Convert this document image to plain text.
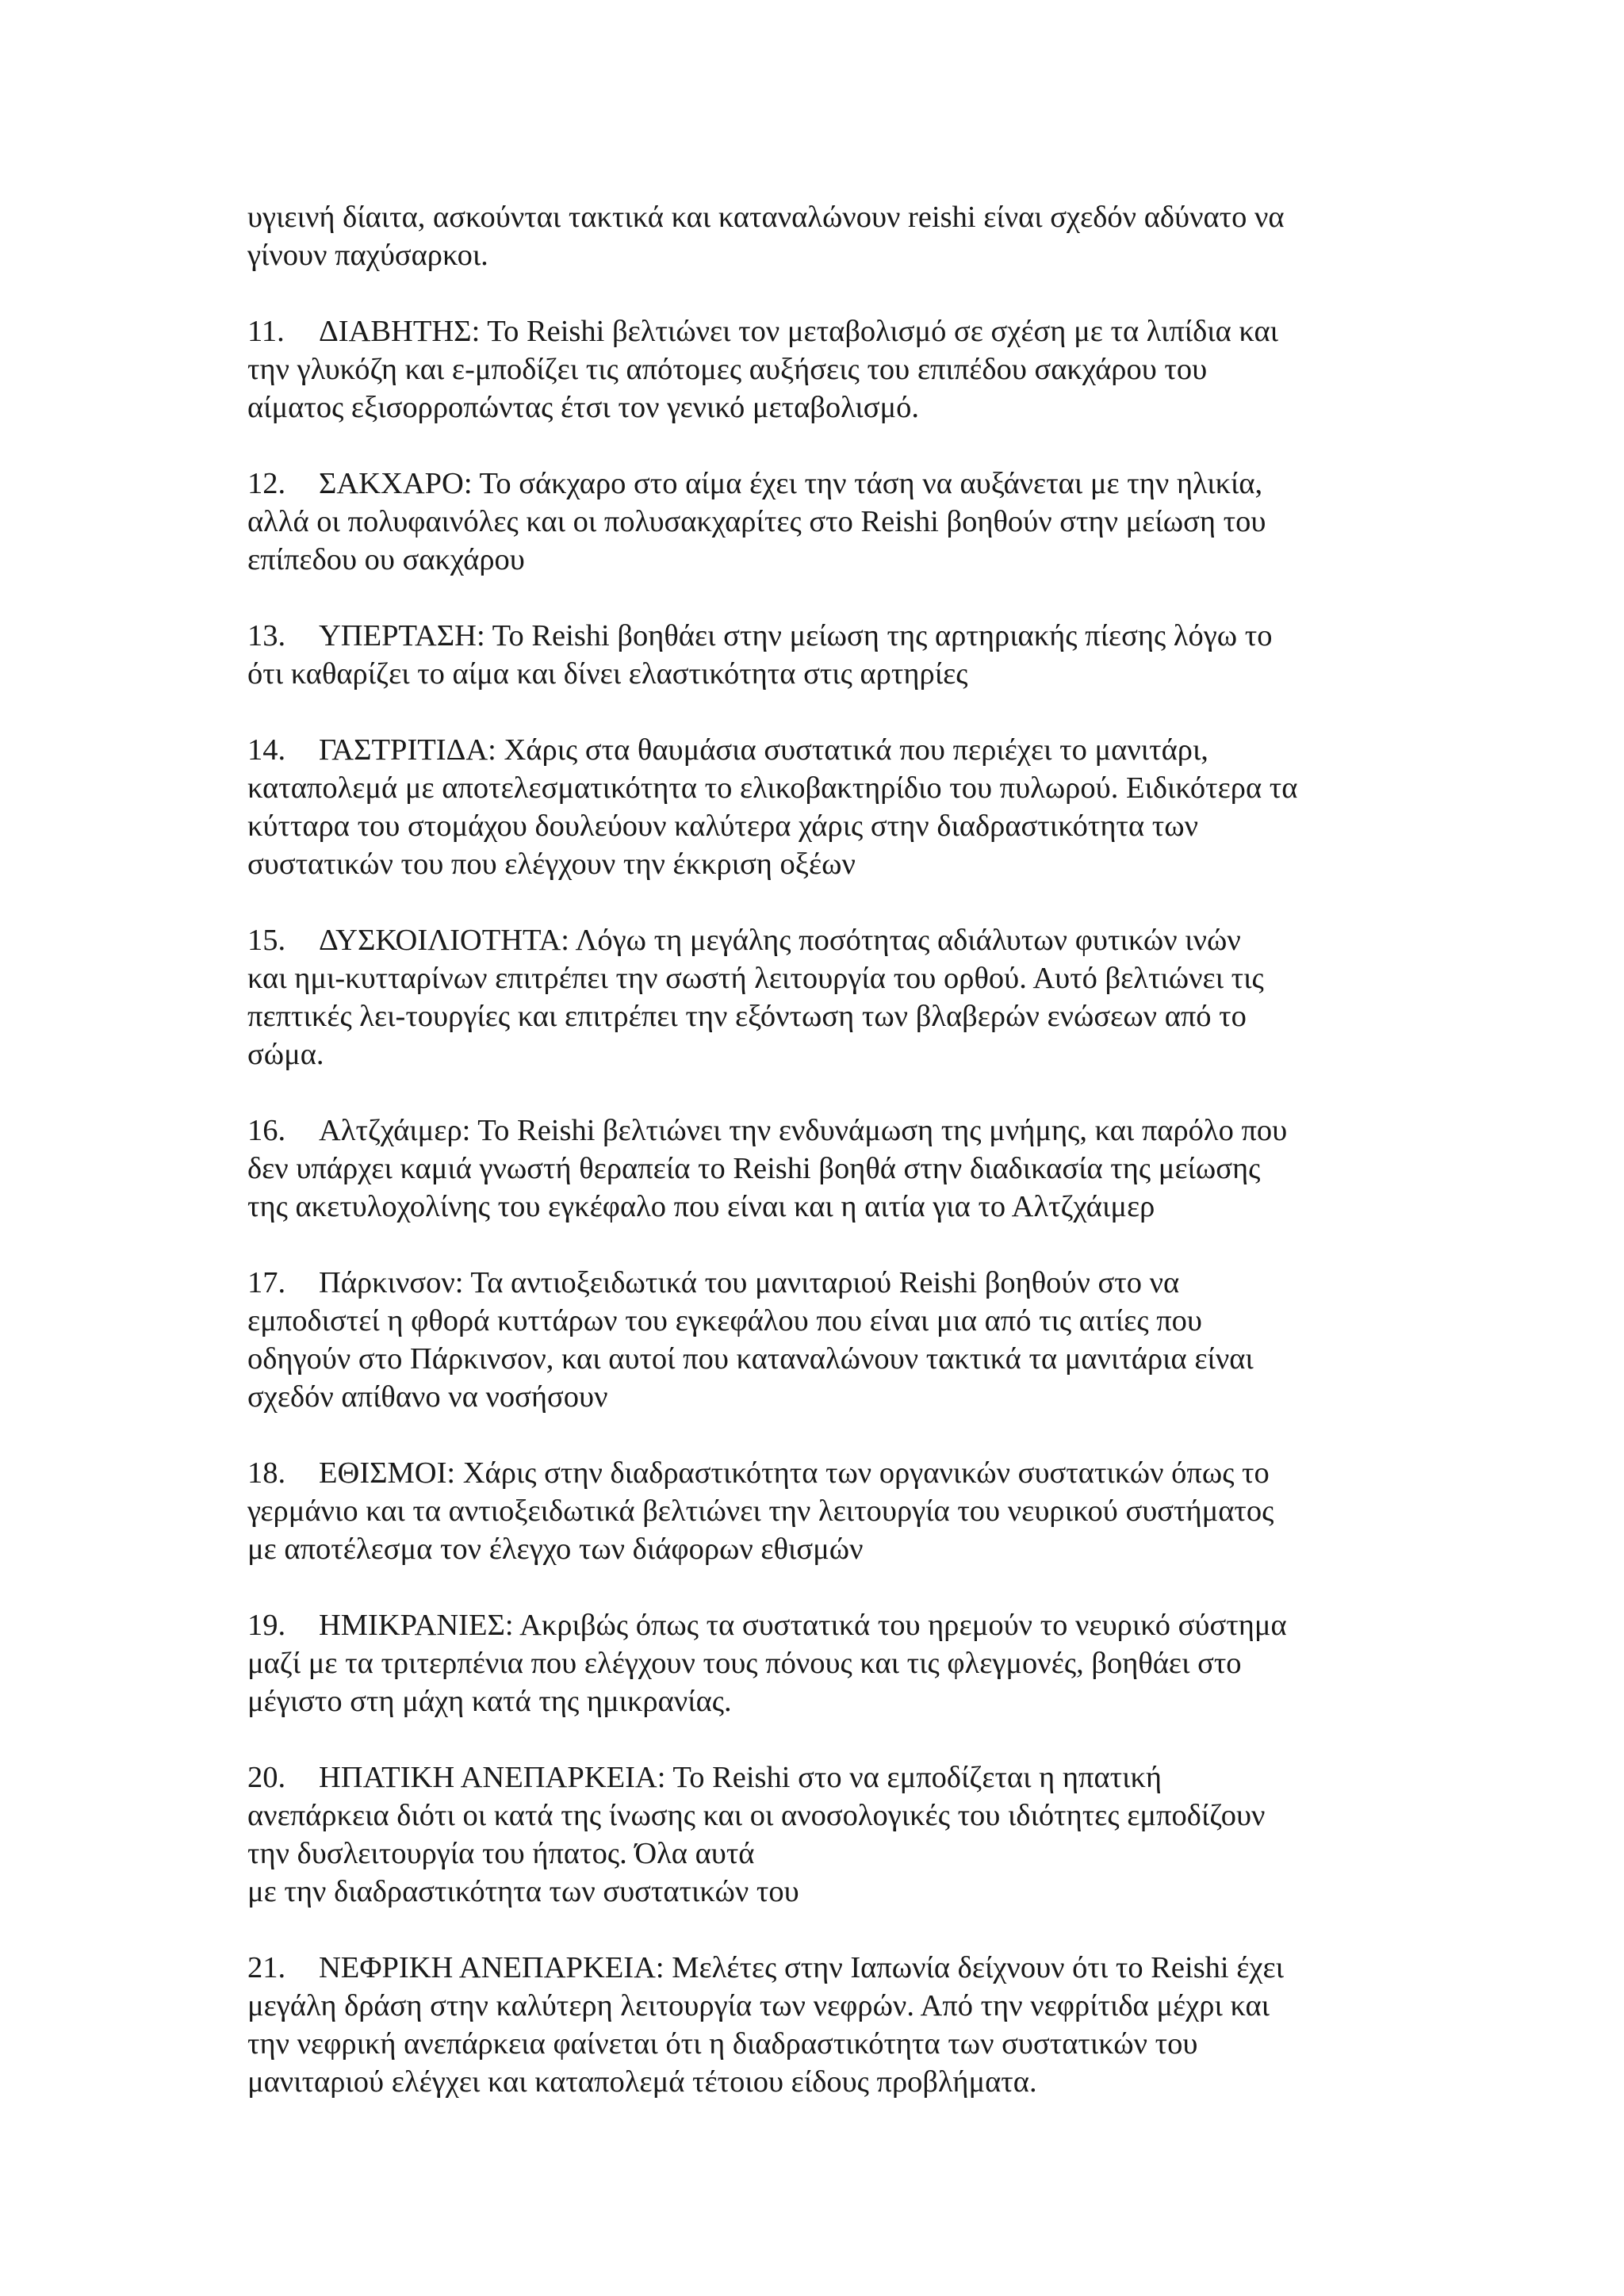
υγιεινή δίαιτα, ασκούνται τακτικά και καταναλώνουν reishi είναι σχεδόν αδύνατο να
γίνουν παχύσαρκοι.
11. ΔΙΑΒΗΤΗΣ: Το Reishi βελτιώνει τον μεταβολισμό σε σχέση με τα λιπίδια και
την γλυκόζη και ε-μποδίζει τις απότομες αυξήσεις του επιπέδου σακχάρου του
αίματος εξισορροπώντας έτσι τον γενικό μεταβολισμό.
12. ΣΑΚΧΑΡΟ: Το σάκχαρο στο αίμα έχει την τάση να αυξάνεται με την ηλικία,
αλλά οι πολυφαινόλες και οι πολυσακχαρίτες στο Reishi βοηθούν στην μείωση του
επίπεδου ου σακχάρου
13. ΥΠΕΡΤΑΣΗ: Το Reishi βοηθάει στην μείωση της αρτηριακής πίεσης λόγω το
ότι καθαρίζει το αίμα και δίνει ελαστικότητα στις αρτηρίες
14. ΓΑΣΤΡΙΤΙΔΑ: Χάρις στα θαυμάσια συστατικά που περιέχει το μανιτάρι,
καταπολεμά με αποτελεσματικότητα το ελικοβακτηρίδιο του πυλωρού. Ειδικότερα τα
κύτταρα του στομάχου δουλεύουν καλύτερα χάρις στην διαδραστικότητα των
συστατικών του που ελέγχουν την έκκριση οξέων
15. ΔΥΣΚΟΙΛΙΟΤΗΤΑ: Λόγω τη μεγάλης ποσότητας αδιάλυτων φυτικών ινών
και ημι-κυτταρίνων επιτρέπει την σωστή λειτουργία του ορθού. Αυτό βελτιώνει τις
πεπτικές λει-τουργίες και επιτρέπει την εξόντωση των βλαβερών ενώσεων από το
σώμα.
16. Αλτζχάιμερ: Το Reishi βελτιώνει την ενδυνάμωση της μνήμης, και παρόλο που
δεν υπάρχει καμιά γνωστή θεραπεία το Reishi βοηθά στην διαδικασία της μείωσης
της ακετυλοχολίνης του εγκέφαλο που είναι και η αιτία για το Αλτζχάιμερ
17. Πάρκινσον: Τα αντιοξειδωτικά του μανιταριού Reishi βοηθούν στο να
εμποδιστεί η φθορά κυττάρων του εγκεφάλου που είναι μια από τις αιτίες που
οδηγούν στο Πάρκινσον, και αυτοί που καταναλώνουν τακτικά τα μανιτάρια είναι
σχεδόν απίθανο να νοσήσουν
18. ΕΘΙΣΜΟΙ: Χάρις στην διαδραστικότητα των οργανικών συστατικών όπως το
γερμάνιο και τα αντιοξειδωτικά βελτιώνει την λειτουργία του νευρικού συστήματος
με αποτέλεσμα τον έλεγχο των διάφορων εθισμών
19. ΗΜΙΚΡΑΝΙΕΣ: Ακριβώς όπως τα συστατικά του ηρεμούν το νευρικό σύστημα
μαζί με τα τριτερπένια που ελέγχουν τους πόνους και τις φλεγμονές, βοηθάει στο
μέγιστο στη μάχη κατά της ημικρανίας.
20. ΗΠΑΤΙΚΗ ΑΝΕΠΑΡΚΕΙΑ: Το Reishi στο να εμποδίζεται η ηπατική
ανεπάρκεια διότι οι κατά της ίνωσης και οι ανοσολογικές του ιδιότητες εμποδίζουν
την δυσλειτουργία του ήπατος. Όλα αυτά
με την διαδραστικότητα των συστατικών του
21. ΝΕΦΡΙΚΗ ΑΝΕΠΑΡΚΕΙΑ: Μελέτες στην Ιαπωνία δείχνουν ότι το Reishi έχει
μεγάλη δράση στην καλύτερη λειτουργία των νεφρών. Από την νεφρίτιδα μέχρι και
την νεφρική ανεπάρκεια φαίνεται ότι η διαδραστικότητα των συστατικών του
μανιταριού ελέγχει και καταπολεμά τέτοιου είδους προβλήματα.
